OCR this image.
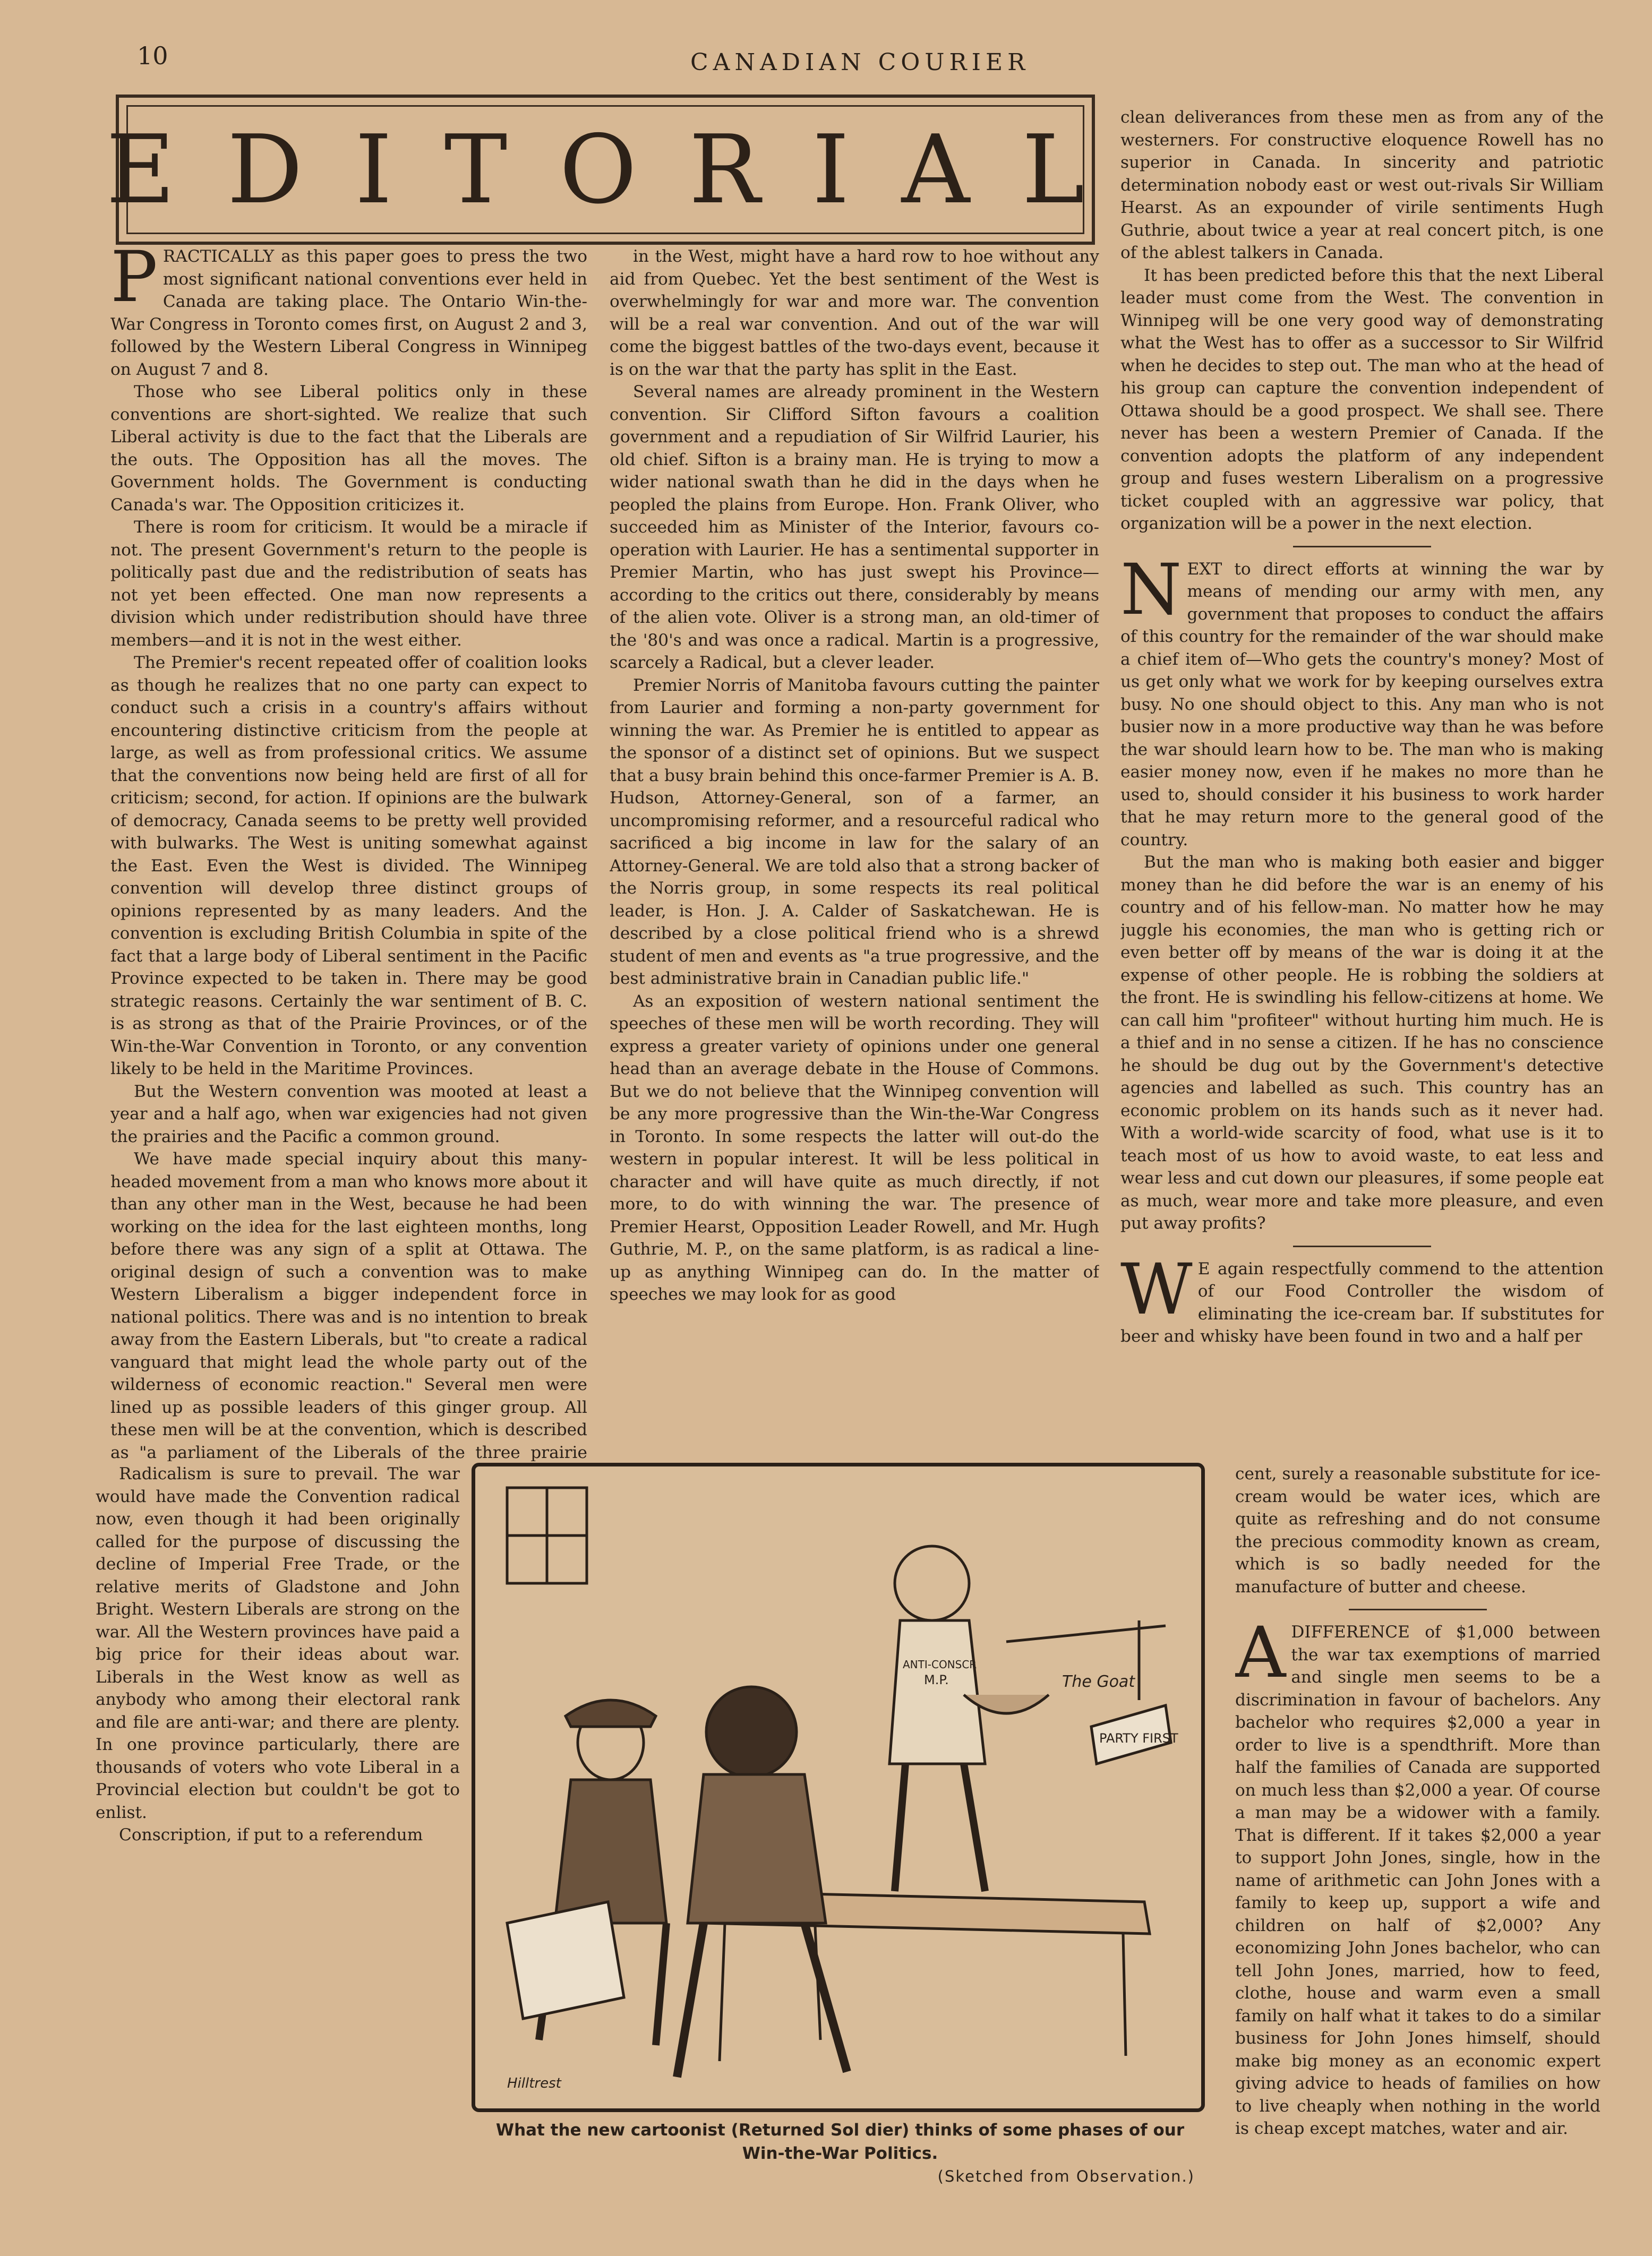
10	CANADIAN COURIER
EDITORIAL

PRACTICALLY as this paper goes to press the two most significant national conventions ever held in Canada are taking place. The Ontario Win-the-War Congress in Toronto comes first, on August 2 and 3, followed by the Western Liberal Congress in Winnipeg on August 7 and 8.

Those who see Liberal politics only in these conventions are short-sighted. We realize that such Liberal activity is due to the fact that the Liberals are the outs. The Opposition has all the moves. The Government holds. The Government is conducting Canada's war. The Opposition criticizes it.

There is room for criticism. It would be a miracle if not. The present Government's return to the people is politically past due and the redistribution of seats has not yet been effected. One man now represents a division which under redistribution should have three members—and it is not in the west either.

The Premier's recent repeated offer of coalition looks as though he realizes that no one party can expect to conduct such a crisis in a country's affairs without encountering distinctive criticism from the people at large, as well as from professional critics. We assume that the conventions now being held are first of all for criticism; second, for action. If opinions are the bulwark of democracy, Canada seems to be pretty well provided with bulwarks. The West is uniting somewhat against the East. Even the West is divided. The Winnipeg convention will develop three distinct groups of opinions represented by as many leaders. And the convention is excluding British Columbia in spite of the fact that a large body of Liberal sentiment in the Pacific Province expected to be taken in. There may be good strategic reasons. Certainly the war sentiment of B. C. is as strong as that of the Prairie Provinces, or of the Win-the-War Convention in Toronto, or any convention likely to be held in the Maritime Provinces.

But the Western convention was mooted at least a year and a half ago, when war exigencies had not given the prairies and the Pacific a common ground.

We have made special inquiry about this many-headed movement from a man who knows more about it than any other man in the West, because he had been working on the idea for the last eighteen months, long before there was any sign of a split at Ottawa. The original design of such a convention was to make Western Liberalism a bigger independent force in national politics. There was and is no intention to break away from the Eastern Liberals, but "to create a radical vanguard that might lead the whole party out of the wilderness of economic reaction." Several men were lined up as possible leaders of this ginger group. All these men will be at the convention, which is described as "a parliament of the Liberals of the three prairie

Radicalism is sure to prevail. The war would have made the Convention radical now, even though it had been originally called for the purpose of discussing the decline of Imperial Free Trade, or the relative merits of Gladstone and John Bright. Western Liberals are strong on the war. All the Western provinces have paid a big price for their ideas about war. Liberals in the West know as well as anybody who among their electoral rank and file are anti-war; and there are plenty. In one province particularly, there are thousands of voters who vote Liberal in a Provincial election but couldn't be got to enlist.

Conscription, if put to a referendum

in the West, might have a hard row to hoe without any aid from Quebec. Yet the best sentiment of the West is overwhelmingly for war and more war. The convention will be a real war convention. And out of the war will come the biggest battles of the two-days event, because it is on the war that the party has split in the East.

Several names are already prominent in the Western convention. Sir Clifford Sifton favours a coalition government and a repudiation of Sir Wilfrid Laurier, his old chief. Sifton is a brainy man. He is trying to mow a wider national swath than he did in the days when he peopled the plains from Europe. Hon. Frank Oliver, who succeeded him as Minister of the Interior, favours co-operation with Laurier. He has a sentimental supporter in Premier Martin, who has just swept his Province—according to the critics out there, considerably by means of the alien vote. Oliver is a strong man, an old-timer of the '80's and was once a radical. Martin is a progressive, scarcely a Radical, but a clever leader.

Premier Norris of Manitoba favours cutting the painter from Laurier and forming a non-party government for winning the war. As Premier he is entitled to appear as the sponsor of a distinct set of opinions. But we suspect that a busy brain behind this once-farmer Premier is A. B. Hudson, Attorney-General, son of a farmer, an uncompromising reformer, and a resourceful radical who sacrificed a big income in law for the salary of an Attorney-General. We are told also that a strong backer of the Norris group, in some respects its real political leader, is Hon. J. A. Calder of Saskatchewan. He is described by a close political friend who is a shrewd student of men and events as "a true progressive, and the best administrative brain in Canadian public life."

As an exposition of western national sentiment the speeches of these men will be worth recording. They will express a greater variety of opinions under one general head than an average debate in the House of Commons. But we do not believe that the Winnipeg convention will be any more progressive than the Win-the-War Congress in Toronto. In some respects the latter will out-do the western in popular interest. It will be less political in character and will have quite as much directly, if not more, to do with winning the war. The presence of Premier Hearst, Opposition Leader Rowell, and Mr. Hugh Guthrie, M. P., on the same platform, is as radical a line-up as anything Winnipeg can do. In the matter of speeches we may look for as good

clean deliverances from these men as from any of the westerners. For constructive eloquence Rowell has no superior in Canada. In sincerity and patriotic determination nobody east or west out-rivals Sir William Hearst. As an expounder of virile sentiments Hugh Guthrie, about twice a year at real concert pitch, is one of the ablest talkers in Canada.

It has been predicted before this that the next Liberal leader must come from the West. The convention in Winnipeg will be one very good way of demonstrating what the West has to offer as a successor to Sir Wilfrid when he decides to step out. The man who at the head of his group can capture the convention independent of Ottawa should be a good prospect. We shall see. There never has been a western Premier of Canada. If the convention adopts the platform of any independent group and fuses western Liberalism on a progressive ticket coupled with an aggressive war policy, that organization will be a power in the next election.

NEXT to direct efforts at winning the war by means of mending our army with men, any government that proposes to conduct the affairs of this country for the remainder of the war should make a chief item of—Who gets the country's money? Most of us get only what we work for by keeping ourselves extra busy. No one should object to this. Any man who is not busier now in a more productive way than he was before the war should learn how to be. The man who is making easier money now, even if he makes no more than he used to, should consider it his business to work harder that he may return more to the general good of the country.

But the man who is making both easier and bigger money than he did before the war is an enemy of his country and of his fellow-man. No matter how he may juggle his economies, the man who is getting rich or even better off by means of the war is doing it at the expense of other people. He is robbing the soldiers at the front. He is swindling his fellow-citizens at home. We can call him "profiteer" without hurting him much. He is a thief and in no sense a citizen. If he has no conscience he should be dug out by the Government's detective agencies and labelled as such. This country has an economic problem on its hands such as it never had. With a world-wide scarcity of food, what use is it to teach most of us how to avoid waste, to eat less and wear less and cut down our pleasures, if some people eat as much, wear more and take more pleasure, and even put away profits?

W E again respectfully commend to the attention of our Food Controller the wisdom of eliminating the ice-cream bar. If substitutes for beer and whisky have been found in two and a half per

cent, surely a reasonable substitute for ice-cream would be water ices, which are quite as refreshing and do not consume the precious commodity known as cream, which is so badly needed for the manufacture of butter and cheese.

ADIFFERENCE of $1,000 between the war tax exemptions of married and single men seems to be a discrimination in favour of bachelors. Any bachelor who requires $2,000 a year in order to live is a spendthrift. More than half the families of Canada are supported on much less than $2,000 a year. Of course a man may be a widower with a family. That is different. If it takes $2,000 a year to support John Jones, single, how in the name of arithmetic can John Jones with a family to keep up, support a wife and children on half of $2,000? Any economizing John Jones bachelor, who can tell John Jones, married, how to feed, clothe, house and warm even a small family on half what it takes to do a similar business for John Jones himself, should make big money as an economic expert giving advice to heads of families on how to live cheaply when nothing in the world is cheap except matches, water and air.

The Goat
ANTI-CONSCR
M.P.
PARTY FIRST
Hilltrest
What the new cartoonist (Returned Sol dier) thinks of some phases of our
Win-the-War Politics.
(Sketched from Observation.)
